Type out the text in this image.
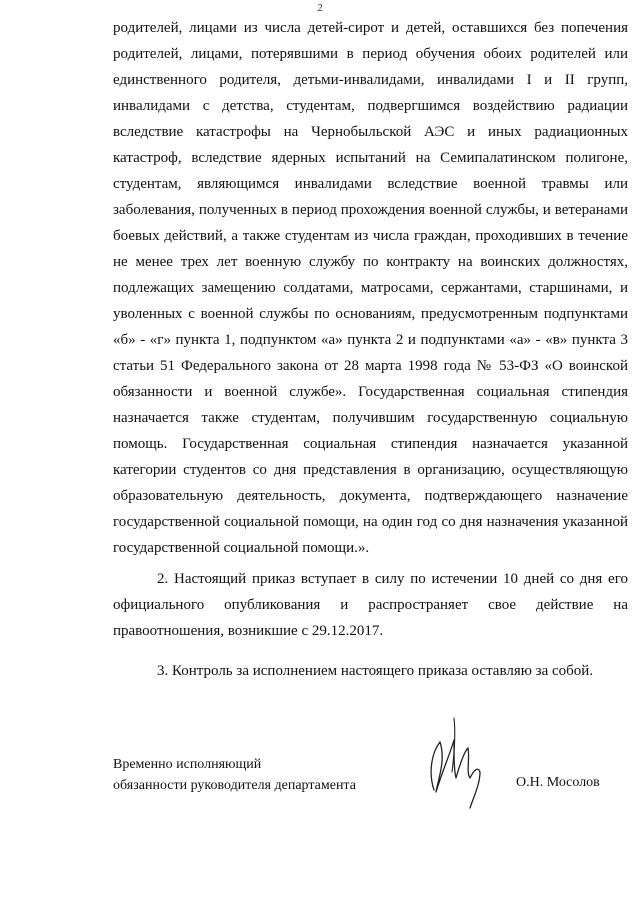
2

родителей, лицами из числа детей-сирот и детей, оставшихся без попечения родителей, лицами, потерявшими в период обучения обоих родителей или единственного родителя, детьми-инвалидами, инвалидами I и II групп, инвалидами с детства, студентам, подвергшимся воздействию радиации вследствие катастрофы на Чернобыльской АЭС и иных радиационных катастроф, вследствие ядерных испытаний на Семипалатинском полигоне, студентам, являющимся инвалидами вследствие военной травмы или заболевания, полученных в период прохождения военной службы, и ветеранами боевых действий, а также студентам из числа граждан, проходивших в течение не менее трех лет военную службу по контракту на воинских должностях, подлежащих замещению солдатами, матросами, сержантами, старшинами, и уволенных с военной службы по основаниям, предусмотренным подпунктами «б» - «г» пункта 1, подпунктом «а» пункта 2 и подпунктами «а» - «в» пункта 3 статьи 51 Федерального закона от 28 марта 1998 года № 53-ФЗ «О воинской обязанности и военной службе». Государственная социальная стипендия назначается также студентам, получившим государственную социальную помощь. Государственная социальная стипендия назначается указанной категории студентов со дня представления в организацию, осуществляющую образовательную деятельность, документа, подтверждающего назначение государственной социальной помощи, на один год со дня назначения указанной государственной социальной помощи.».

2. Настоящий приказ вступает в силу по истечении 10 дней со дня его официального опубликования и распространяет свое действие на правоотношения, возникшие с 29.12.2017.

3. Контроль за исполнением настоящего приказа оставляю за собой.

Временно исполняющий
обязанности руководителя департамента	О.Н. Мосолов
